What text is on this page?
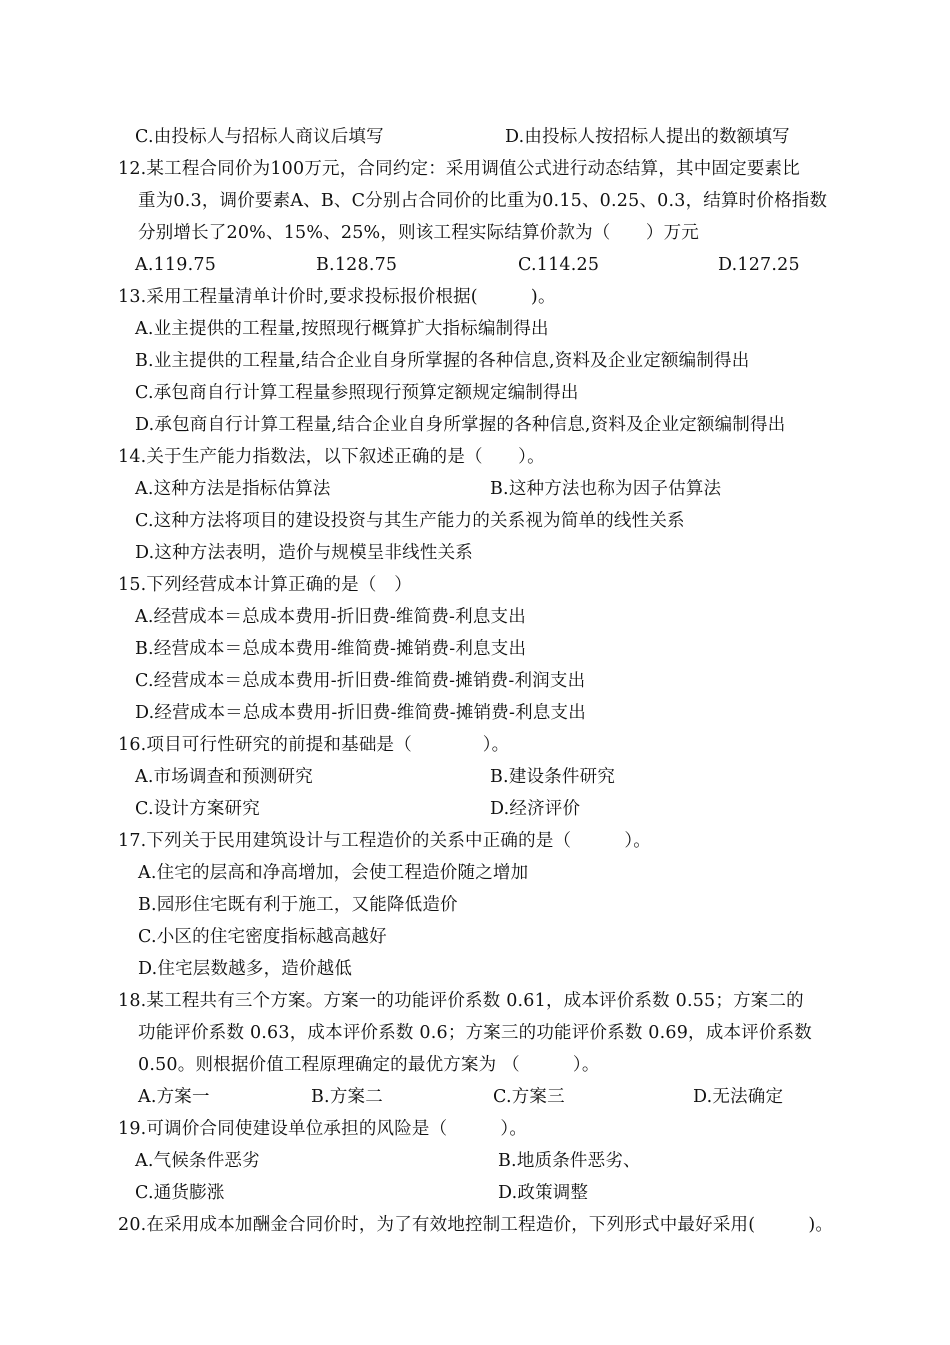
C.由投标人与招标人商议后填写	D.由投标人按招标人提出的数额填写
12.某工程合同价为100万元，合同约定：采用调值公式进行动态结算，其中固定要素比
重为0.3，调价要素A、B、C分别占合同价的比重为0.15、0.25、0.3，结算时价格指数
分别增长了20%、15%、25%，则该工程实际结算价款为（　　）万元
A.119.75	B.128.75	C.114.25	D.127.25
13.采用工程量清单计价时,要求投标报价根据(　　　)。
A.业主提供的工程量,按照现行概算扩大指标编制得出
B.业主提供的工程量,结合企业自身所掌握的各种信息,资料及企业定额编制得出
C.承包商自行计算工程量参照现行预算定额规定编制得出
D.承包商自行计算工程量,结合企业自身所掌握的各种信息,资料及企业定额编制得出
14.关于生产能力指数法，以下叙述正确的是（　　）。
A.这种方法是指标估算法	B.这种方法也称为因子估算法
C.这种方法将项目的建设投资与其生产能力的关系视为简单的线性关系
D.这种方法表明，造价与规模呈非线性关系
15.下列经营成本计算正确的是（　）
A.经营成本＝总成本费用-折旧费-维简费-利息支出
B.经营成本＝总成本费用-维简费-摊销费-利息支出
C.经营成本＝总成本费用-折旧费-维简费-摊销费-利润支出
D.经营成本＝总成本费用-折旧费-维简费-摊销费-利息支出
16.项目可行性研究的前提和基础是（　　　　）。
A.市场调查和预测研究	B.建设条件研究
C.设计方案研究	D.经济评价
17.下列关于民用建筑设计与工程造价的关系中正确的是（　　　）。
A.住宅的层高和净高增加，会使工程造价随之增加
B.园形住宅既有利于施工，又能降低造价
C.小区的住宅密度指标越高越好
D.住宅层数越多，造价越低
18.某工程共有三个方案。方案一的功能评价系数 0.61，成本评价系数 0.55；方案二的
功能评价系数 0.63，成本评价系数 0.6；方案三的功能评价系数 0.69，成本评价系数
0.50。则根据价值工程原理确定的最优方案为 （　　　）。
A.方案一	B.方案二	C.方案三	D.无法确定
19.可调价合同使建设单位承担的风险是（　　　）。
A.气候条件恶劣	B.地质条件恶劣、
C.通货膨涨	D.政策调整
20.在采用成本加酬金合同价时，为了有效地控制工程造价，下列形式中最好采用(　　　)。
